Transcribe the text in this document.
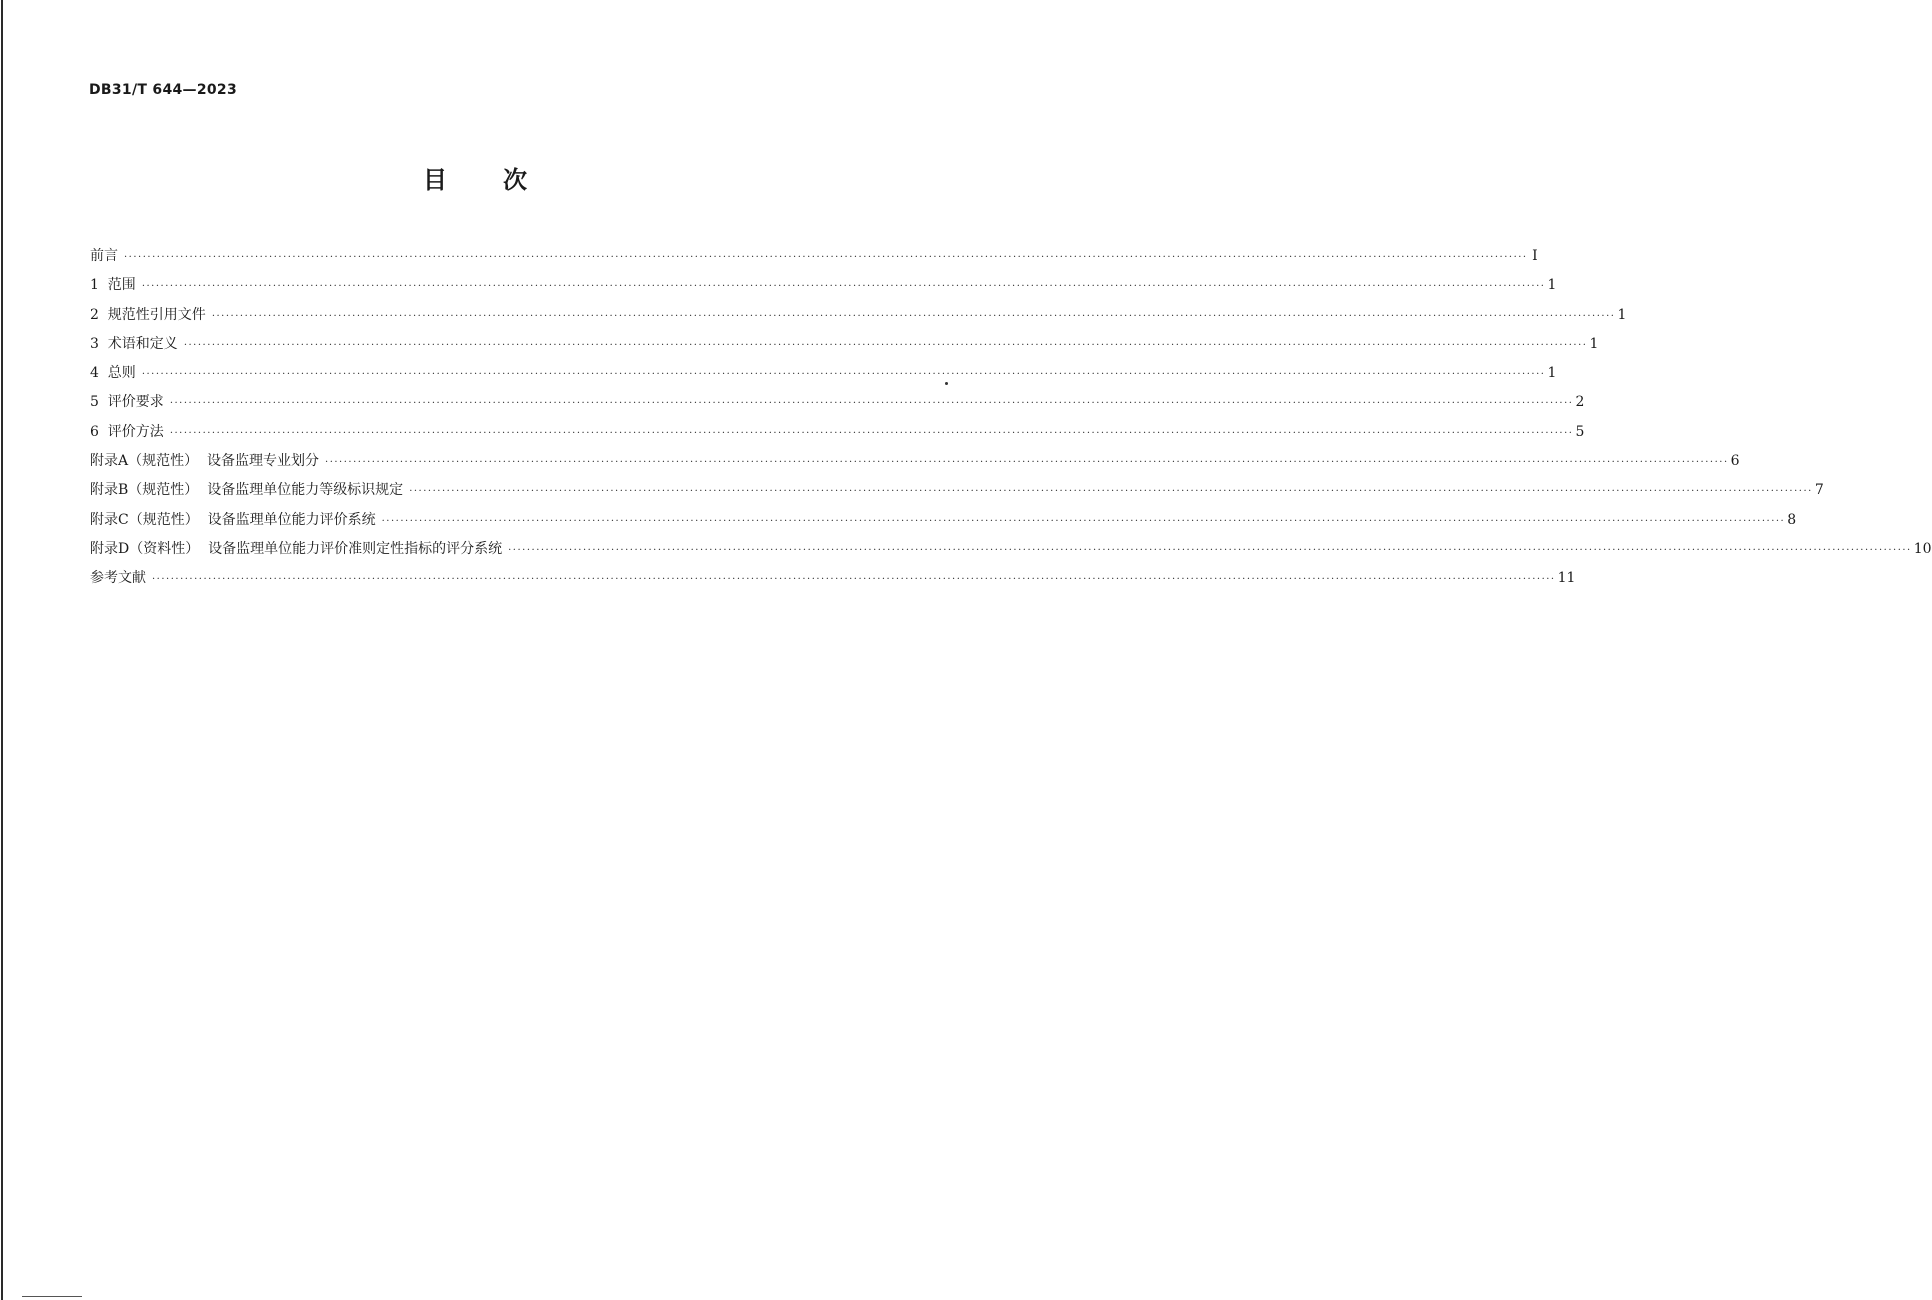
DB31/T 644—2023
目 次
前言 ············································································································································································································································································································ Ⅰ
1  范围 ············································································································································································································································································································ 1
2  规范性引用文件 ············································································································································································································································································································ 1
3  术语和定义 ············································································································································································································································································································ 1
4  总则 ············································································································································································································································································································ 1
5  评价要求 ············································································································································································································································································································ 2
6  评价方法 ············································································································································································································································································································ 5
附录A（规范性）  设备监理专业划分 ············································································································································································································································································································ 6
附录B（规范性）  设备监理单位能力等级标识规定 ············································································································································································································································································································ 7
附录C（规范性）  设备监理单位能力评价系统 ············································································································································································································································································································ 8
附录D（资料性）  设备监理单位能力评价准则定性指标的评分系统 ············································································································································································································································································································ 10
参考文献 ············································································································································································································································································································ 11
